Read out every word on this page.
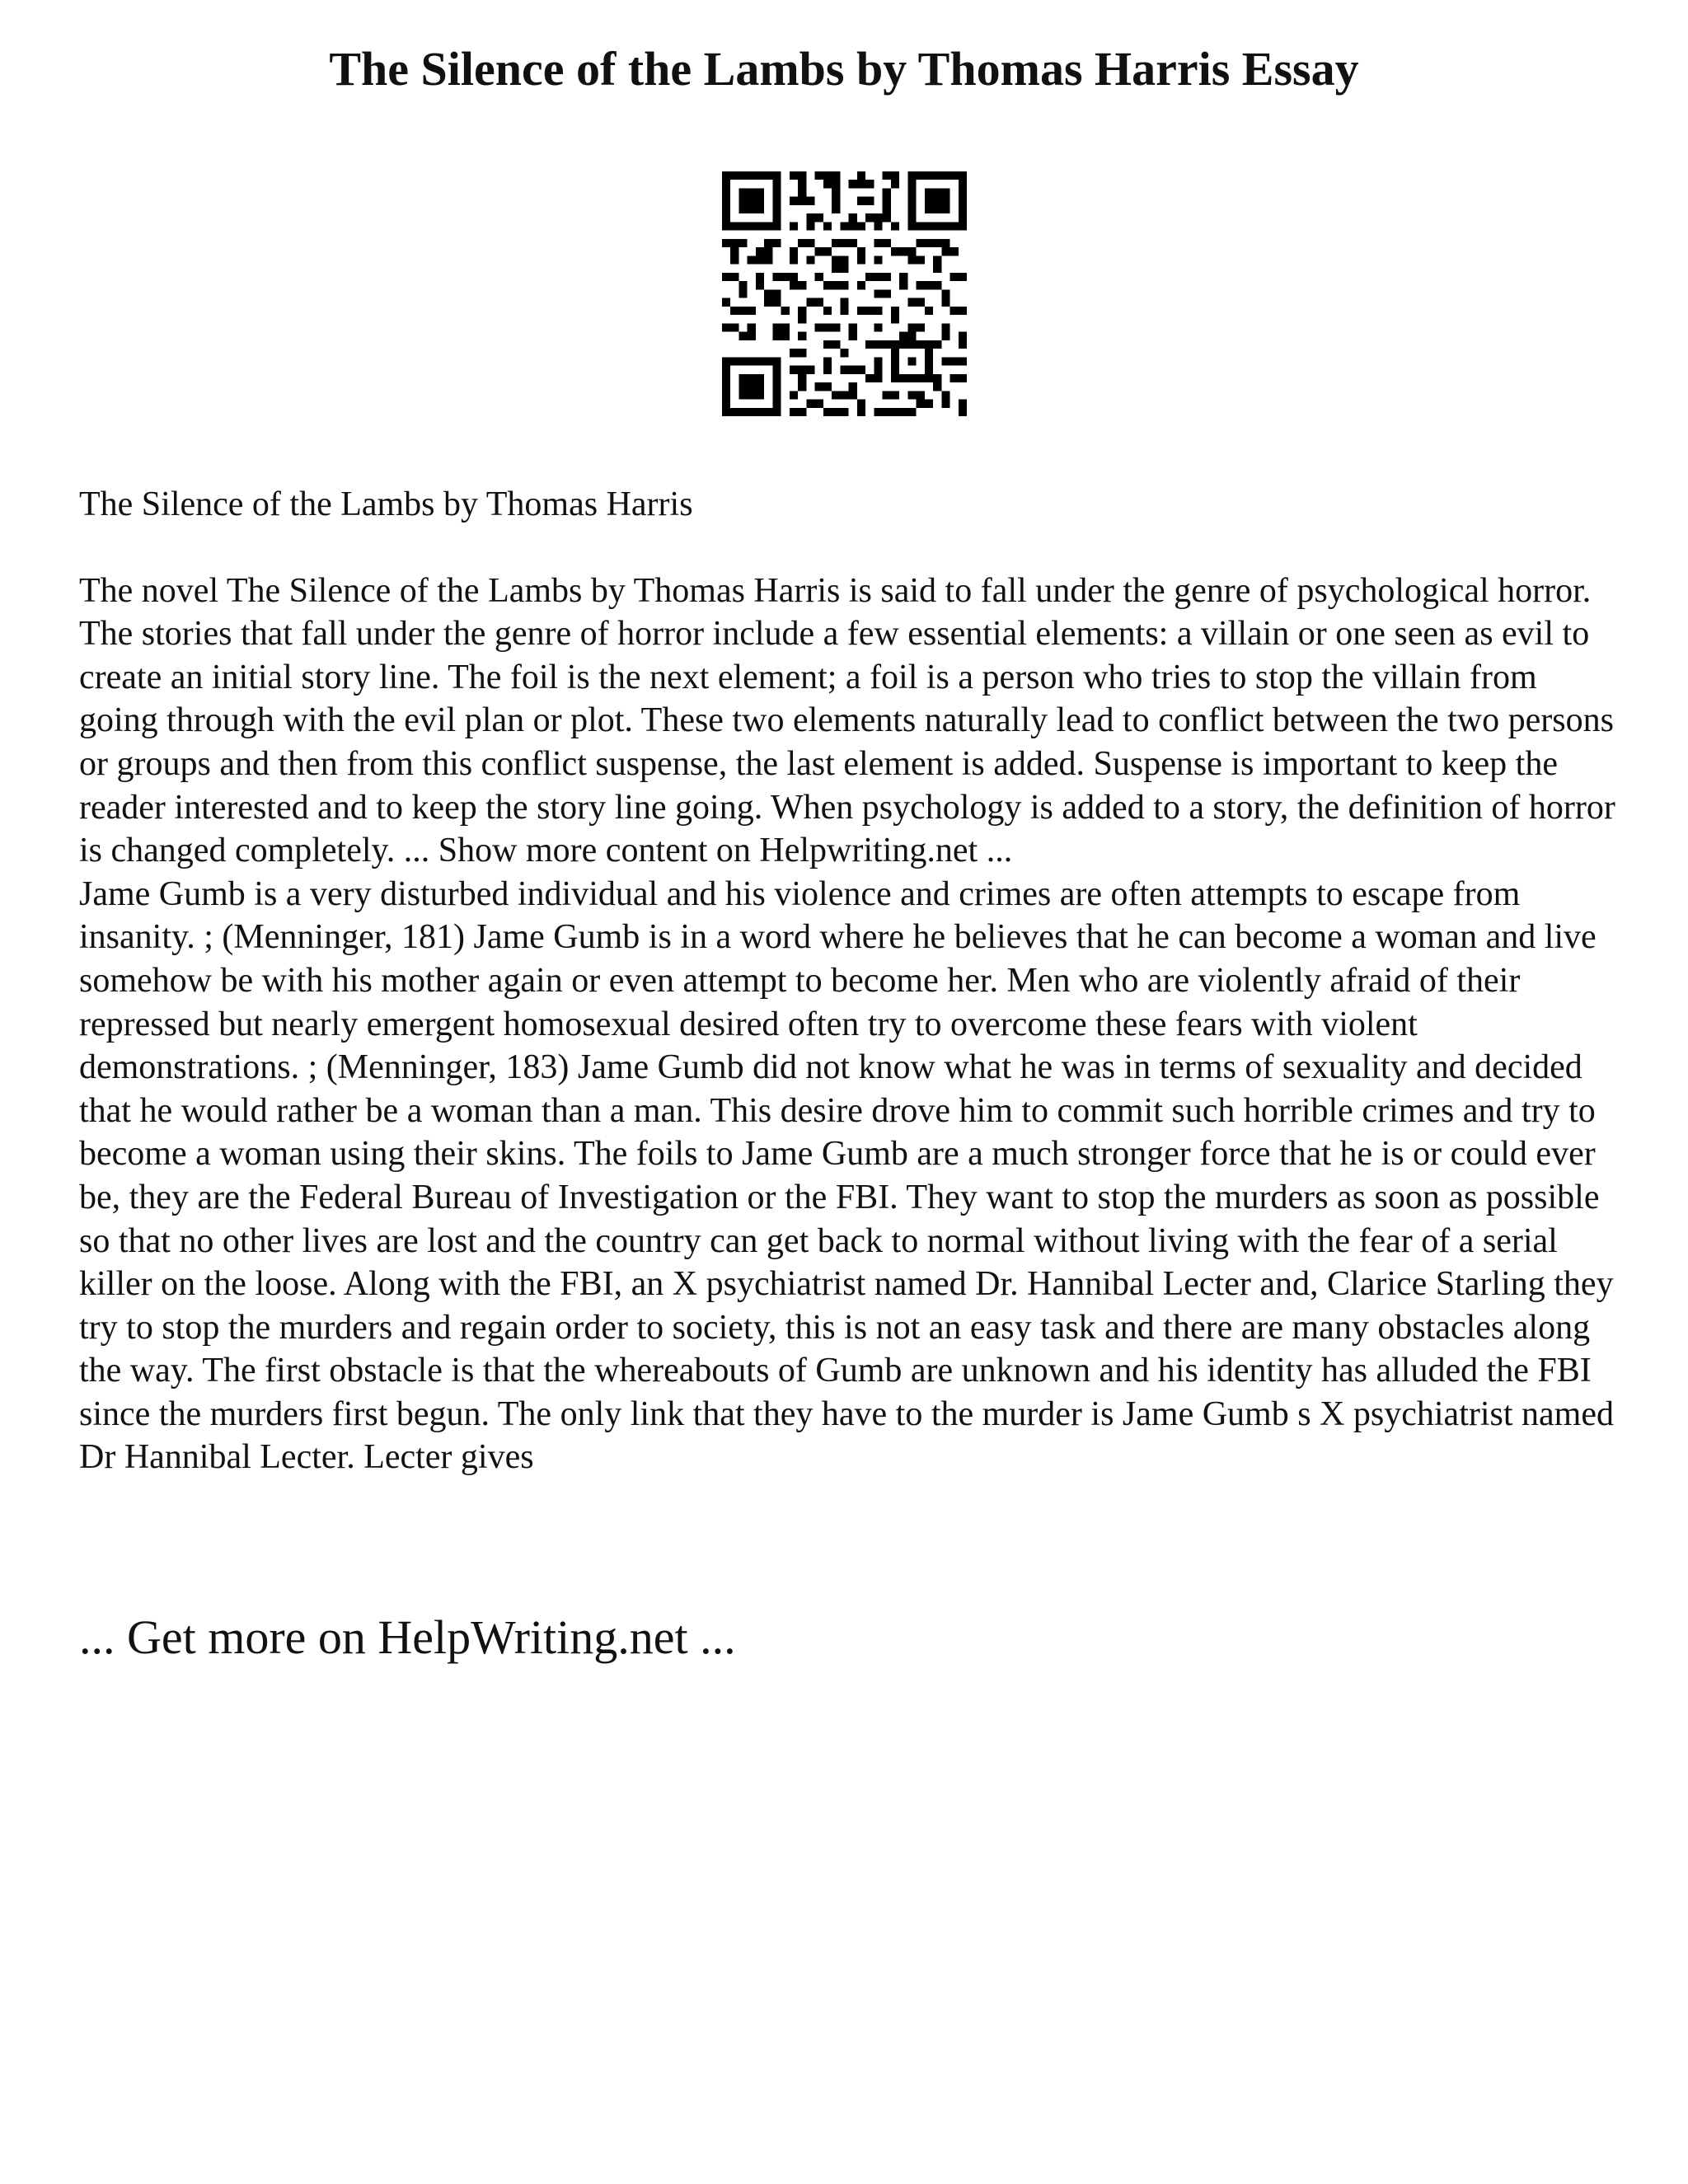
The Silence of the Lambs by Thomas Harris Essay

The Silence of the Lambs by Thomas Harris

The novel The Silence of the Lambs by Thomas Harris is said to fall under the genre of psychological horror. The stories that fall under the genre of horror include a few essential elements: a villain or one seen as evil to create an initial story line. The foil is the next element; a foil is a person who tries to stop the villain from going through with the evil plan or plot. These two elements naturally lead to conflict between the two persons or groups and then from this conflict suspense, the last element is added. Suspense is important to keep the reader interested and to keep the story line going. When psychology is added to a story, the definition of horror is changed completely. ... Show more content on Helpwriting.net ...

Jame Gumb is a very disturbed individual and his violence and crimes are often attempts to escape from insanity. ; (Menninger, 181) Jame Gumb is in a word where he believes that he can become a woman and live somehow be with his mother again or even attempt to become her. Men who are violently afraid of their repressed but nearly emergent homosexual desired often try to overcome these fears with violent demonstrations. ; (Menninger, 183) Jame Gumb did not know what he was in terms of sexuality and decided that he would rather be a woman than a man. This desire drove him to commit such horrible crimes and try to become a woman using their skins. The foils to Jame Gumb are a much stronger force that he is or could ever be, they are the Federal Bureau of Investigation or the FBI. They want to stop the murders as soon as possible so that no other lives are lost and the country can get back to normal without living with the fear of a serial killer on the loose. Along with the FBI, an X psychiatrist named Dr. Hannibal Lecter and, Clarice Starling they try to stop the murders and regain order to society, this is not an easy task and there are many obstacles along the way. The first obstacle is that the whereabouts of Gumb are unknown and his identity has alluded the FBI since the murders first begun. The only link that they have to the murder is Jame Gumb s X psychiatrist named Dr Hannibal Lecter. Lecter gives

... Get more on HelpWriting.net ...
